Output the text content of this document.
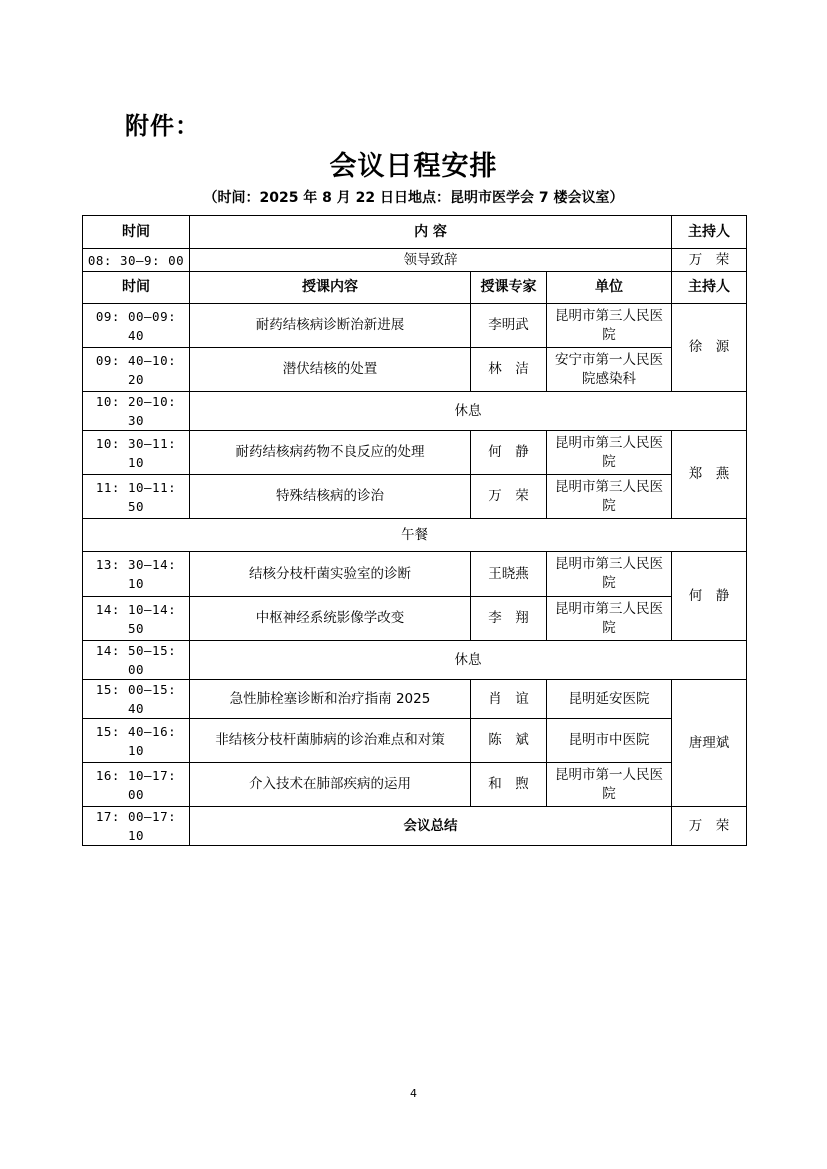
附件：
会议日程安排
（时间：2025 年 8 月 22 日日地点：昆明市医学会 7 楼会议室）
时间	内 容			主持人
08: 30—9: 00	领导致辞			万　荣
时间	授课内容	授课专家	单位	主持人
09: 00—09: 40	耐药结核病诊断治新进展	李明武	昆明市第三人民医院	徐　源
09: 40—10: 20	潜伏结核的处置	林　洁	安宁市第一人民医院感染科	
10: 20—10: 30	休息			
10: 30—11: 10	耐药结核病药物不良反应的处理	何　静	昆明市第三人民医院	郑　燕
11: 10—11: 50	特殊结核病的诊治	万　荣	昆明市第三人民医院	
午餐				
13: 30—14: 10	结核分枝杆菌实验室的诊断	王晓燕	昆明市第三人民医院	何　静
14: 10—14: 50	中枢神经系统影像学改变	李　翔	昆明市第三人民医院	
14: 50—15: 00	休息			
15: 00—15: 40	急性肺栓塞诊断和治疗指南 2025	肖　谊	昆明延安医院	唐理斌
15: 40—16: 10	非结核分枝杆菌肺病的诊治难点和对策	陈　斌	昆明市中医院	
16: 10—17: 00	介入技术在肺部疾病的运用	和　煦	昆明市第一人民医院	
17: 00—17: 10	会议总结			万　荣
4
